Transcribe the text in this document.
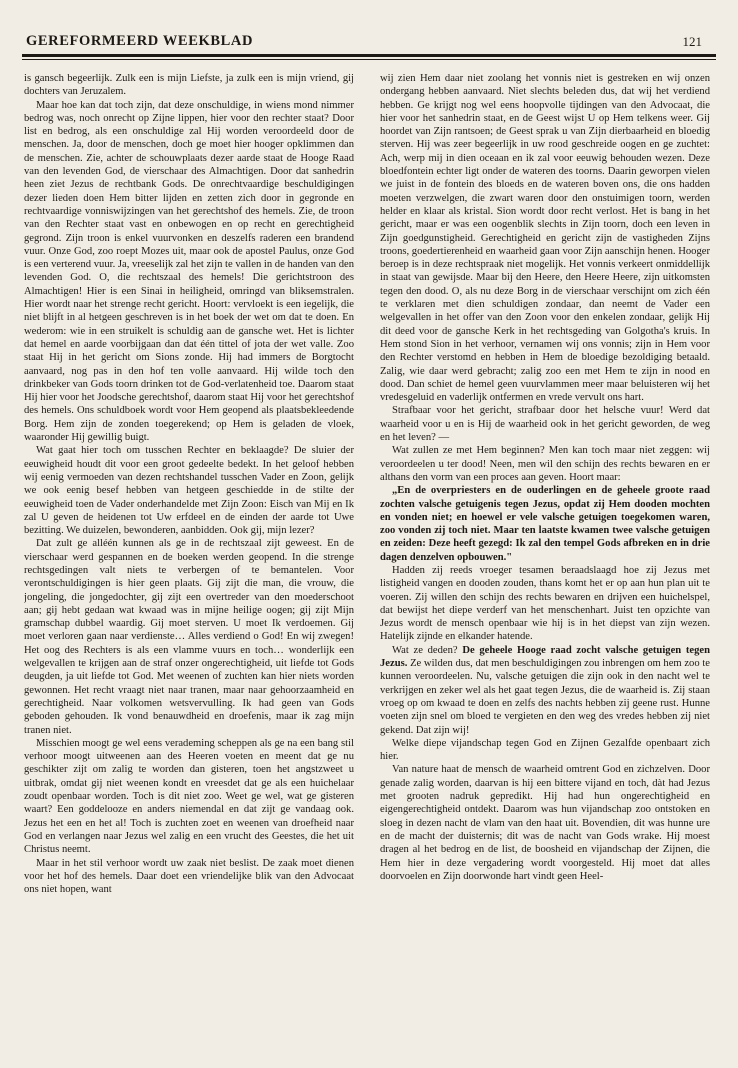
GEREFORMEERD WEEKBLAD	121

is gansch begeerlijk. Zulk een is mijn Liefste, ja zulk een is mijn vriend, gij dochters van Jeruzalem.

Maar hoe kan dat toch zijn, dat deze onschuldige, in wiens mond nimmer bedrog was, noch onrecht op Zijne lippen, hier voor den rechter staat? Door list en bedrog, als een onschuldige zal Hij worden veroordeeld door de menschen. Ja, door de menschen, doch ge moet hier hooger opklimmen dan de menschen. Zie, achter de schouwplaats dezer aarde staat de Hooge Raad van den levenden God, de vierschaar des Almachtigen. Door dat sanhedrin heen ziet Jezus de rechtbank Gods. De onrechtvaardige beschuldigingen dezer lieden doen Hem bitter lijden en zetten zich door in gegronde en rechtvaardige vonniswijzingen van het gerechtshof des hemels. Zie, de troon van den Rechter staat vast en onbewogen en op recht en gerechtigheid gegrond. Zijn troon is enkel vuurvonken en deszelfs raderen een brandend vuur. Onze God, zoo roept Mozes uit, maar ook de apostel Paulus, onze God is een verterend vuur. Ja, vreeselijk zal het zijn te vallen in de handen van den levenden God. O, die rechtszaal des hemels! Die gerichtstroon des Almachtigen! Hier is een Sinai in heiligheid, omringd van bliksemstralen. Hier wordt naar het strenge recht gericht. Hoort: vervloekt is een iegelijk, die niet blijft in al hetgeen geschreven is in het boek der wet om dat te doen. En wederom: wie in een struikelt is schuldig aan de gansche wet. Het is lichter dat hemel en aarde voorbijgaan dan dat één tittel of jota der wet valle. Zoo staat Hij in het gericht om Sions zonde. Hij had immers de Borgtocht aanvaard, nog pas in den hof ten volle aanvaard. Hij wilde toch den drinkbeker van Gods toorn drinken tot de God-verlatenheid toe. Daarom staat Hij hier voor het Joodsche gerechtshof, daarom staat Hij voor het gerechtshof des hemels. Ons schuldboek wordt voor Hem geopend als plaatsbekleedende Borg. Hem zijn de zonden toegerekend; op Hem is geladen de vloek, waaronder Hij gewillig buigt.

Wat gaat hier toch om tusschen Rechter en beklaagde? De sluier der eeuwigheid houdt dit voor een groot gedeelte bedekt. In het geloof hebben wij eenig vermoeden van dezen rechtshandel tusschen Vader en Zoon, gelijk we ook eenig besef hebben van hetgeen geschiedde in de stilte der eeuwigheid toen de Vader onderhandelde met Zijn Zoon: Eisch van Mij en Ik zal U geven de heidenen tot Uw erfdeel en de einden der aarde tot Uwe bezitting. We duizelen, bewonderen, aanbidden. Ook gij, mijn lezer?

Dat zult ge alléén kunnen als ge in de rechtszaal zijt geweest. En de vierschaar werd gespannen en de boeken werden geopend. In die strenge rechtsgedingen valt niets te verbergen of te bemantelen. Voor verontschuldigingen is hier geen plaats. Gij zijt die man, die vrouw, die jongeling, die jongedochter, gij zijt een overtreder van den moederschoot aan; gij hebt gedaan wat kwaad was in mijne heilige oogen; gij zijt Mijn gramschap dubbel waardig. Gij moet sterven. U moet Ik verdoemen. Gij moet verloren gaan naar verdienste… Alles verdiend o God! En wij zwegen! Het oog des Rechters is als een vlamme vuurs en toch… wonderlijk een welgevallen te krijgen aan de straf onzer ongerechtigheid, uit liefde tot Gods deugden, ja uit liefde tot God. Met weenen of zuchten kan hier niets worden gewonnen. Het recht vraagt niet naar tranen, maar naar gehoorzaamheid en gerechtigheid. Naar volkomen wetsvervulling. Ik had geen van Gods geboden gehouden. Ik vond benauwdheid en droefenis, maar ik zag mijn tranen niet.

Misschien moogt ge wel eens verademing scheppen als ge na een bang stil verhoor moogt uitweenen aan des Heeren voeten en meent dat ge nu geschikter zijt om zalig te worden dan gisteren, toen het angstzweet u uitbrak, omdat gij niet weenen kondt en vreesdet dat ge als een huichelaar zoudt openbaar worden. Toch is dit niet zoo. Weet ge wel, wat ge gisteren waart? Een goddelooze en anders niemendal en dat zijt ge vandaag ook. Jezus het een en het al! Toch is zuchten zoet en weenen van droefheid naar God en verlangen naar Jezus wel zalig en een vrucht des Geestes, die het uit Christus neemt.

Maar in het stil verhoor wordt uw zaak niet beslist. De zaak moet dienen voor het hof des hemels. Daar doet een vriendelijke blik van den Advocaat ons niet hopen, want

wij zien Hem daar niet zoolang het vonnis niet is gestreken en wij onzen ondergang hebben aanvaard. Niet slechts beleden dus, dat wij het verdiend hebben. Ge krijgt nog wel eens hoopvolle tijdingen van den Advocaat, die hier voor het sanhedrin staat, en de Geest wijst U op Hem telkens weer. Gij hoordet van Zijn rantsoen; de Geest sprak u van Zijn dierbaarheid en bloedig sterven. Hij was zeer begeerlijk in uw rood geschreide oogen en ge zuchtet: Ach, werp mij in dien oceaan en ik zal voor eeuwig behouden wezen. Deze bloedfontein echter ligt onder de wateren des toorns. Daarin geworpen vielen we juist in de fontein des bloeds en de wateren boven ons, die ons hadden moeten verzwelgen, die zwart waren door den onstuimigen toorn, werden helder en klaar als kristal. Sion wordt door recht verlost. Het is bang in het gericht, maar er was een oogenblik slechts in Zijn toorn, doch een leven in Zijn goedgunstigheid. Gerechtigheid en gericht zijn de vastigheden Zijns troons, goedertierenheid en waarheid gaan voor Zijn aanschijn henen. Hooger beroep is in deze rechtspraak niet mogelijk. Het vonnis verkeert onmiddellijk in staat van gewijsde. Maar bij den Heere, den Heere Heere, zijn uitkomsten tegen den dood. O, als nu deze Borg in de vierschaar verschijnt om zich één te verklaren met dien schuldigen zondaar, dan neemt de Vader een welgevallen in het offer van den Zoon voor den enkelen zondaar, gelijk Hij dit deed voor de gansche Kerk in het rechtsgeding van Golgotha's kruis. In Hem stond Sion in het verhoor, vernamen wij ons vonnis; zijn in Hem voor den Rechter verstomd en hebben in Hem de bloedige bezoldiging betaald. Zalig, wie daar werd gebracht; zalig zoo een met Hem te zijn in nood en dood. Dan schiet de hemel geen vuurvlammen meer maar beluisteren wij het vredesgeluid en vaderlijk ontfermen en vrede vervult ons hart.

Strafbaar voor het gericht, strafbaar door het helsche vuur! Werd dat waarheid voor u en is Hij de waarheid ook in het gericht geworden, de weg en het leven? —

Wat zullen ze met Hem beginnen? Men kan toch maar niet zeggen: wij veroordeelen u ter dood! Neen, men wil den schijn des rechts bewaren en er althans den vorm van een proces aan geven. Hoort maar:

„En de overpriesters en de ouderlingen en de geheele groote raad zochten valsche getuigenis tegen Jezus, opdat zij Hem dooden mochten en vonden niet; en hoewel er vele valsche getuigen toegekomen waren, zoo vonden zij toch niet. Maar ten laatste kwamen twee valsche getuigen en zeiden: Deze heeft gezegd: Ik zal den tempel Gods afbreken en in drie dagen denzelven opbouwen."

Hadden zij reeds vroeger tesamen beraadslaagd hoe zij Jezus met listigheid vangen en dooden zouden, thans komt het er op aan hun plan uit te voeren. Zij willen den schijn des rechts bewaren en drijven een huichelspel, dat bewijst het diepe verderf van het menschenhart. Juist ten opzichte van Jezus wordt de mensch openbaar wie hij is in het diepst van zijn wezen. Hatelijk zijnde en elkander hatende.

Wat ze deden? De geheele Hooge raad zocht valsche getuigen tegen Jezus. Ze wilden dus, dat men beschuldigingen zou inbrengen om hem zoo te kunnen veroordeelen. Nu, valsche getuigen die zijn ook in den nacht wel te verkrijgen en zeker wel als het gaat tegen Jezus, die de waarheid is. Zij staan vroeg op om kwaad te doen en zelfs des nachts hebben zij geene rust. Hunne voeten zijn snel om bloed te vergieten en den weg des vredes hebben zij niet gekend. Dat zijn wij!

Welke diepe vijandschap tegen God en Zijnen Gezalfde openbaart zich hier.

Van nature haat de mensch de waarheid omtrent God en zichzelven. Door genade zalig worden, daarvan is hij een bittere vijand en toch, dàt had Jezus met grooten nadruk gepredikt. Hij had hun ongerechtigheid en eigengerechtigheid ontdekt. Daarom was hun vijandschap zoo ontstoken en sloeg in dezen nacht de vlam van den haat uit. Bovendien, dit was hunne ure en de macht der duisternis; dit was de nacht van Gods wrake. Hij moest dragen al het bedrog en de list, de boosheid en vijandschap der Zijnen, die Hem hier in deze vergadering wordt voorgesteld. Hij moet dat alles doorvoelen en Zijn doorwonde hart vindt geen Heel-
